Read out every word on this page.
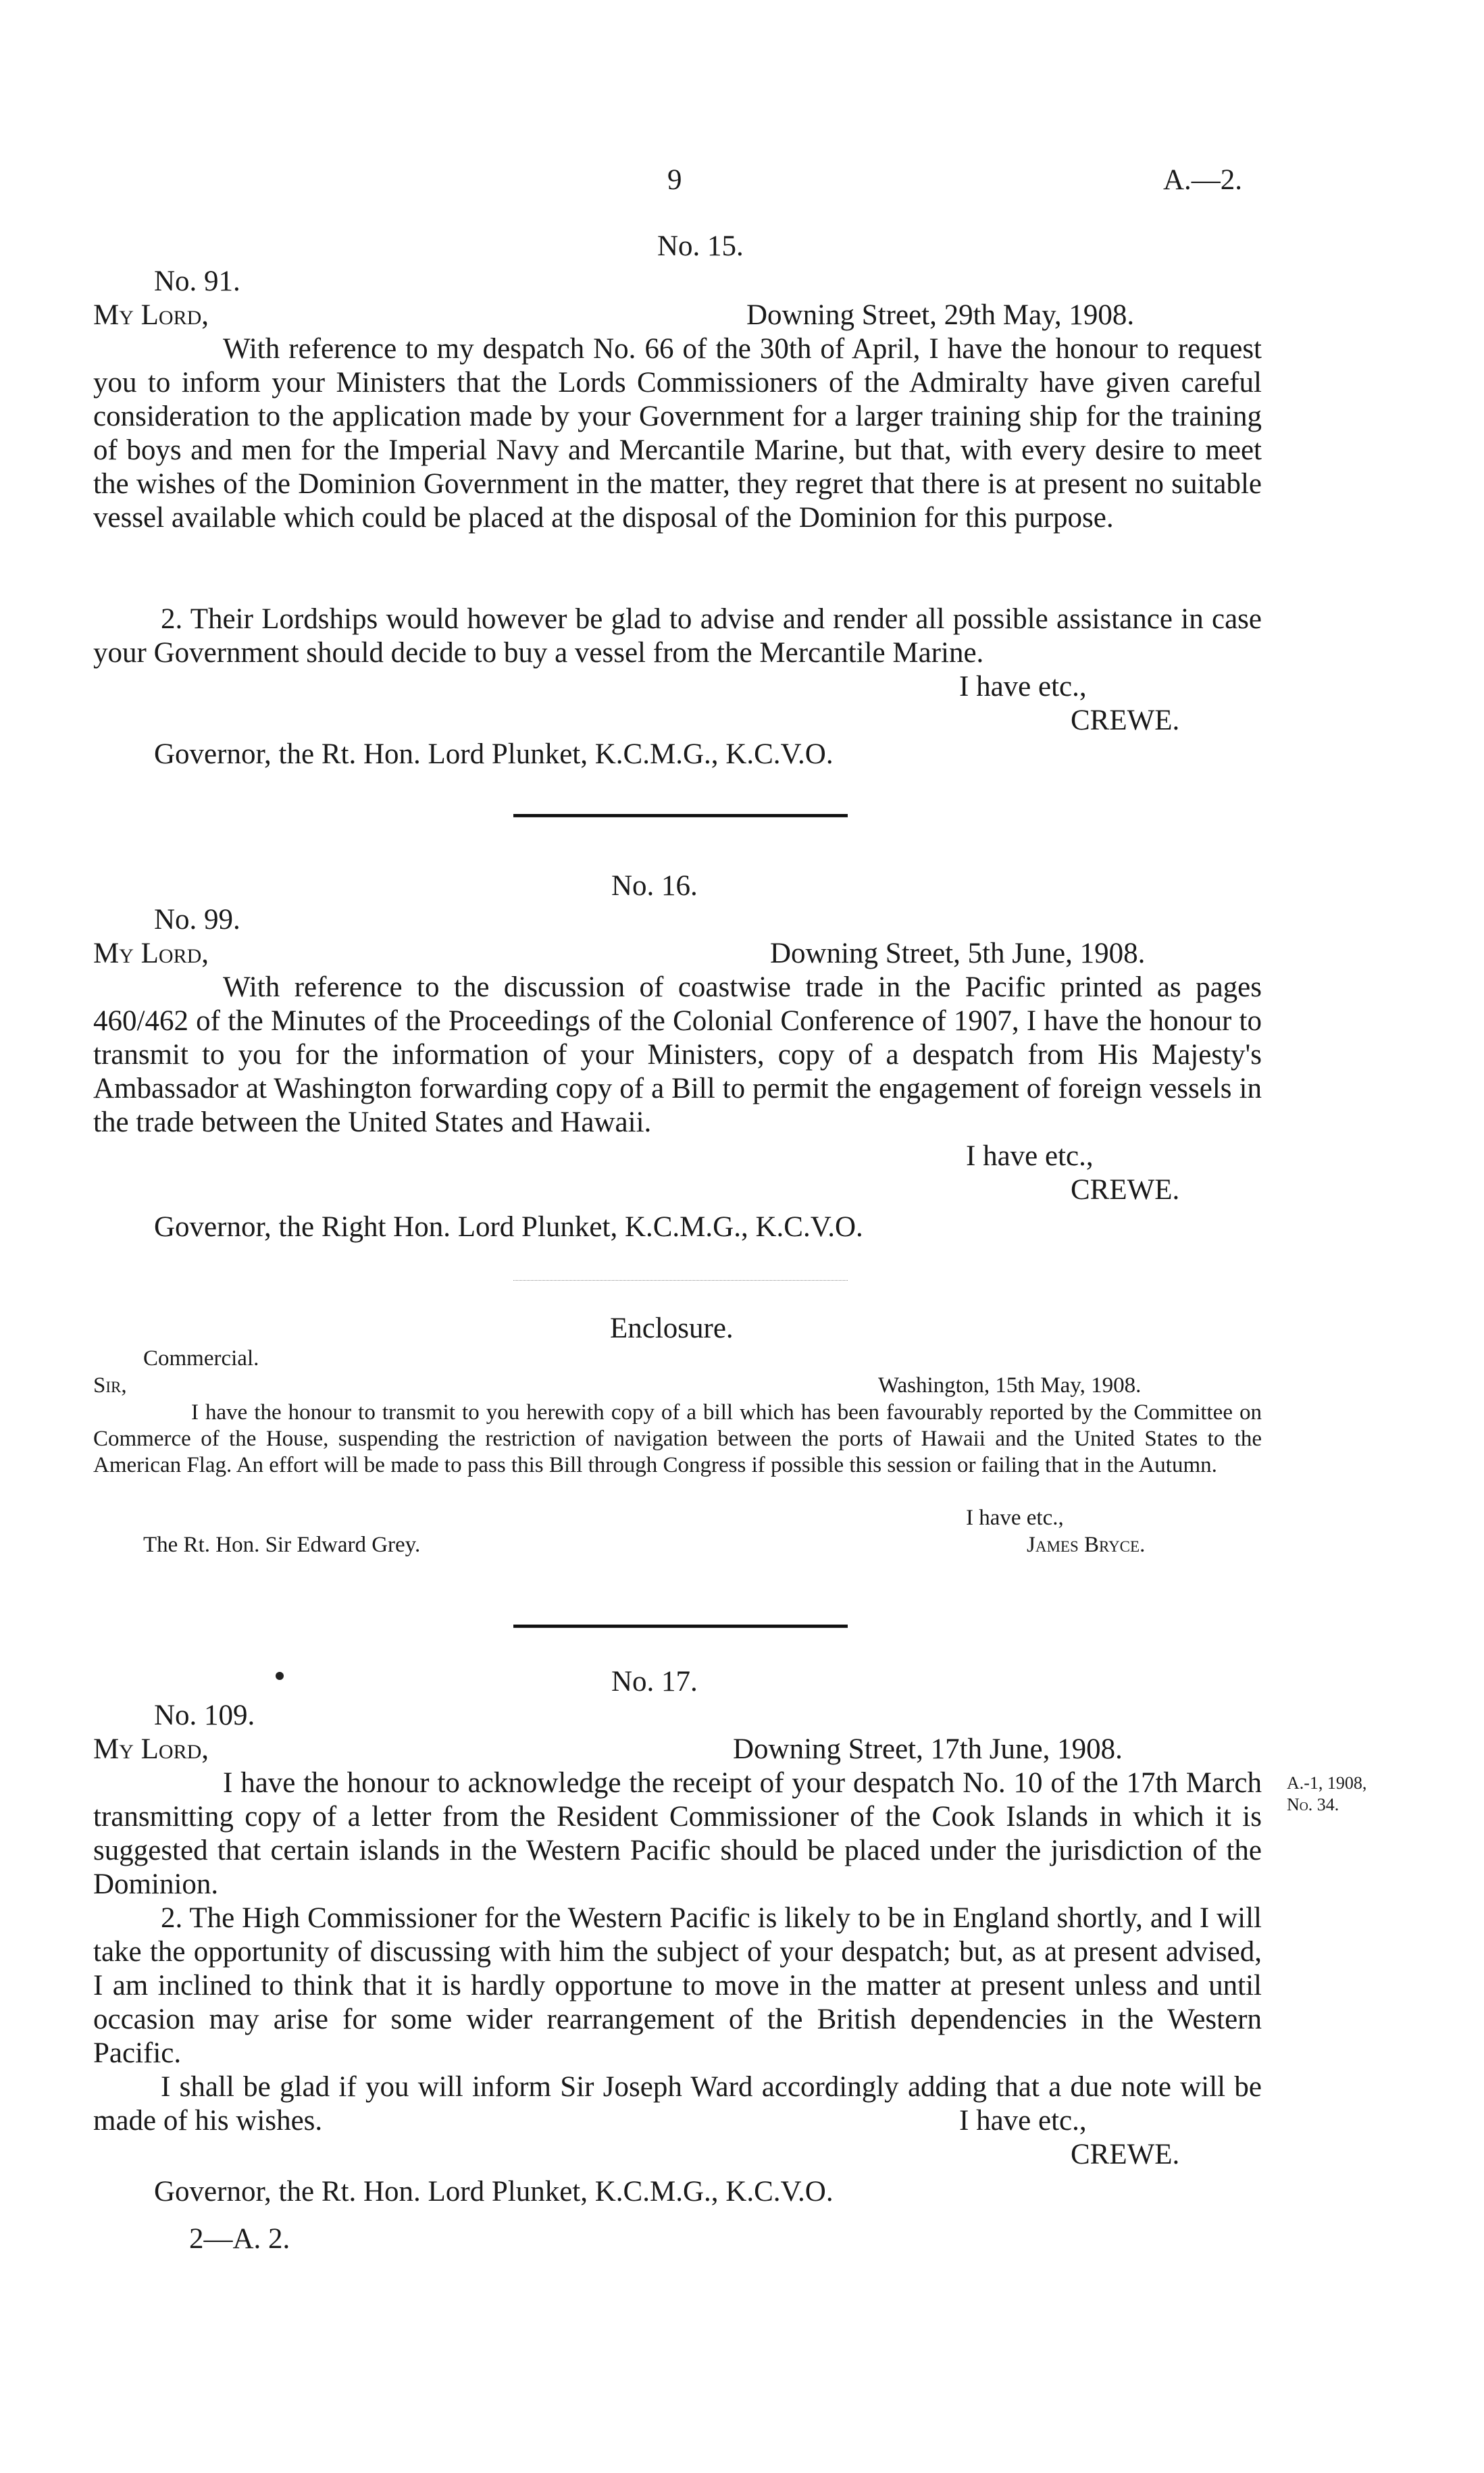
9	A.—2.
No. 15.
No. 91.
My Lord,	Downing Street, 29th May, 1908.

With reference to my despatch No. 66 of the 30th of April, I have the honour to request you to inform your Ministers that the Lords Commissioners of the Admiralty have given careful consideration to the application made by your Government for a larger training ship for the training of boys and men for the Imperial Navy and Mercantile Marine, but that, with every desire to meet the wishes of the Dominion Government in the matter, they regret that there is at present no suitable vessel available which could be placed at the disposal of the Dominion for this purpose.

2. Their Lordships would however be glad to advise and render all possible assistance in case your Government should decide to buy a vessel from the Mercantile Marine.

I have etc.,
CREWE.
Governor, the Rt. Hon. Lord Plunket, K.C.M.G., K.C.V.O.
No. 16.
No. 99.
My Lord,	Downing Street, 5th June, 1908.

With reference to the discussion of coastwise trade in the Pacific printed as pages 460/462 of the Minutes of the Proceedings of the Colonial Conference of 1907, I have the honour to transmit to you for the information of your Ministers, copy of a despatch from His Majesty's Ambassador at Washington forwarding copy of a Bill to permit the engagement of foreign vessels in the trade between the United States and Hawaii.

I have etc.,
CREWE.
Governor, the Right Hon. Lord Plunket, K.C.M.G., K.C.V.O.
Enclosure.
Commercial.
Sir,	Washington, 15th May, 1908.

I have the honour to transmit to you herewith copy of a bill which has been favourably reported by the Committee on Commerce of the House, suspending the restriction of navigation between the ports of Hawaii and the United States to the American Flag. An effort will be made to pass this Bill through Congress if possible this session or failing that in the Autumn.

I have etc.,
The Rt. Hon. Sir Edward Grey.	James Bryce.
No. 17.
No. 109.
My Lord,	Downing Street, 17th June, 1908.

I have the honour to acknowledge the receipt of your despatch No. 10 of the 17th March transmitting copy of a letter from the Resident Commissioner of the Cook Islands in which it is suggested that certain islands in the Western Pacific should be placed under the jurisdiction of the Dominion.

2. The High Commissioner for the Western Pacific is likely to be in England shortly, and I will take the opportunity of discussing with him the subject of your despatch; but, as at present advised, I am inclined to think that it is hardly opportune to move in the matter at present unless and until occasion may arise for some wider rearrangement of the British dependencies in the Western Pacific.

I shall be glad if you will inform Sir Joseph Ward accordingly adding that a due note will be made of his wishes.	I have etc.,
CREWE.
Governor, the Rt. Hon. Lord Plunket, K.C.M.G., K.C.V.O.
A.-1, 1908,
No. 34.
2—A. 2.
